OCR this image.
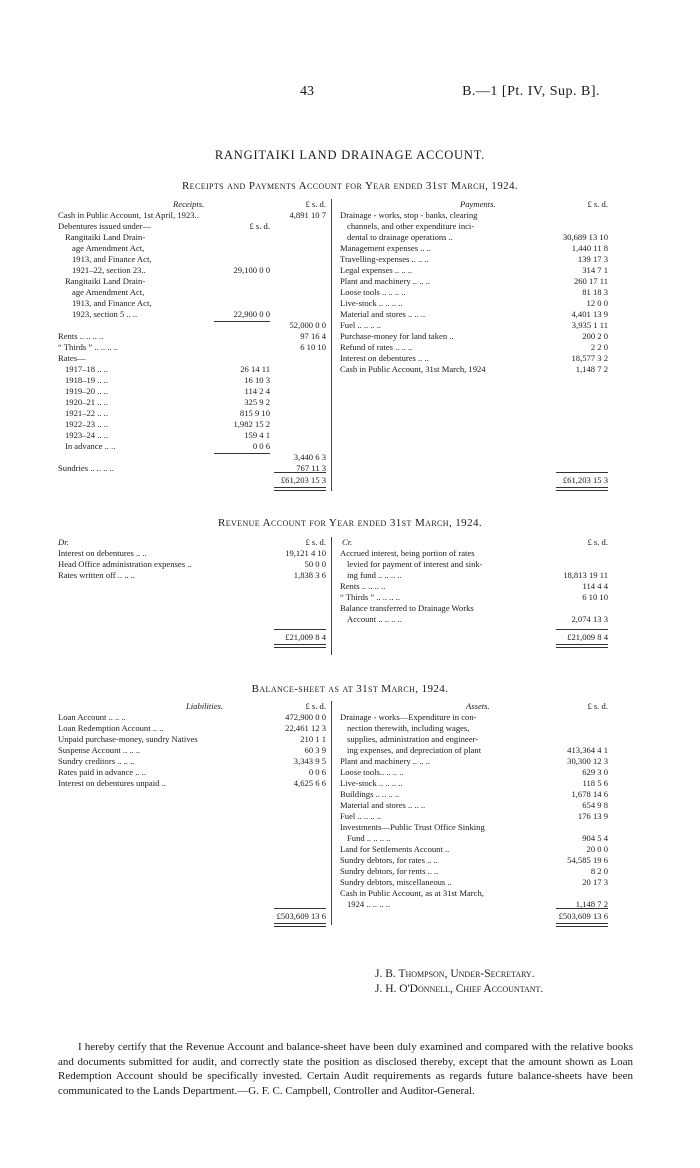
43	B.—1 [Pt. IV, Sup. B].
RANGITAIKI LAND DRAINAGE ACCOUNT.
Receipts and Payments Account for Year ended 31st March, 1924.
Receipts.	£ s. d.
Cash in Public Account, 1st April, 1923..	4,891 10 7
Debentures issued under—	£ s. d.
Rangitaiki Land Drain-
age Amendment Act,
1913, and Finance Act,
1921–22, section 23..	29,100 0 0
Rangitaiki Land Drain-
age Amendment Act,
1913, and Finance Act,
1923, section 5 .. ..	22,900 0 0
52,000 0 0
Rents .. .. .. ..	97 16 4
“ Thirds ” .. .. .. ..	6 10 10
Rates—
1917–18 .. ..	26 14 11
1918–19 .. ..	16 10 3
1919–20 .. ..	114 2 4
1920–21 .. ..	325 9 2
1921–22 .. ..	815 9 10
1922–23 .. ..	1,982 15 2
1923–24 .. ..	159 4 1
In advance .. ..	0 0 6
3,440 6 3
Sundries .. .. .. ..	767 11 3
Payments.	£ s. d.
Drainage - works, stop - banks, clearing
channels, and other expenditure inci-
dental to drainage operations ..	30,689 13 10
Management expenses .. ..	1,440 11 8
Travelling-expenses .. .. ..	139 17 3
Legal expenses .. .. ..	314 7 1
Plant and machinery .. .. ..	260 17 11
Loose tools .. .. .. ..	81 18 3
Live-stock .. .. .. ..	12 0 0
Material and stores .. .. ..	4,401 13 9
Fuel .. .. .. ..	3,935 1 11
Purchase-money for land taken ..	200 2 0
Refund of rates .. .. ..	2 2 0
Interest on debentures .. ..	18,577 3 2
Cash in Public Account, 31st March, 1924	1,148 7 2
£61,203 15 3	£61,203 15 3
Revenue Account for Year ended 31st March, 1924.
Dr.	£ s. d.
Interest on debentures .. ..	19,121 4 10
Head Office administration expenses ..	50 0 0
Rates written off .. .. ..	1,838 3 6
Cr.	£ s. d.
Accrued interest, being portion of rates
levied for payment of interest and sink-
ing fund .. .. .. ..	18,813 19 11
Rents .. .. .. ..	114 4 4
“ Thirds ” .. .. .. ..	6 10 10
Balance transferred to Drainage Works
Account .. .. .. ..	2,074 13 3
£21,009 8 4	£21,009 8 4
Balance-sheet as at 31st March, 1924.
Liabilities.	£ s. d.
Loan Account .. .. ..	472,900 0 0
Loan Redemption Account .. ..	22,461 12 3
Unpaid purchase-money, sundry Natives	210 1 1
Suspense Account .. .. ..	60 3 9
Sundry creditors .. .. ..	3,343 9 5
Rates paid in advance .. ..	0 0 6
Interest on debentures unpaid ..	4,625 6 6
Assets.	£ s. d.
Drainage - works—Expenditure in con-
nection therewith, including wages,
supplies, administration and engineer-
ing expenses, and depreciation of plant	413,364 4 1
Plant and machinery .. .. ..	30,300 12 3
Loose tools.. .. .. ..	629 3 0
Live-stock .. .. .. ..	118 5 6
Buildings .. .. .. ..	1,678 14 6
Material and stores .. .. ..	654 9 8
Fuel .. .. .. ..	176 13 9
Investments—Public Trust Office Sinking
Fund .. .. .. ..	904 5 4
Land for Settlements Account ..	20 0 0
Sundry debtors, for rates .. ..	54,585 19 6
Sundry debtors, for rents .. ..	8 2 0
Sundry debtors, miscellaneous ..	20 17 3
Cash in Public Account, as at 31st March,
1924 .. .. .. ..	1,148 7 2
£503,609 13 6	£503,609 13 6
J. B. Thompson, Under-Secretary.
J. H. O'Donnell, Chief Accountant.

I hereby certify that the Revenue Account and balance-sheet have been duly examined and compared with the relative books and documents submitted for audit, and correctly state the position as disclosed thereby, except that the amount shown as Loan Redemption Account should be specifically invested. Certain Audit requirements as regards future balance-sheets have been communicated to the Lands Department.—G. F. C. Campbell, Controller and Auditor-General.
